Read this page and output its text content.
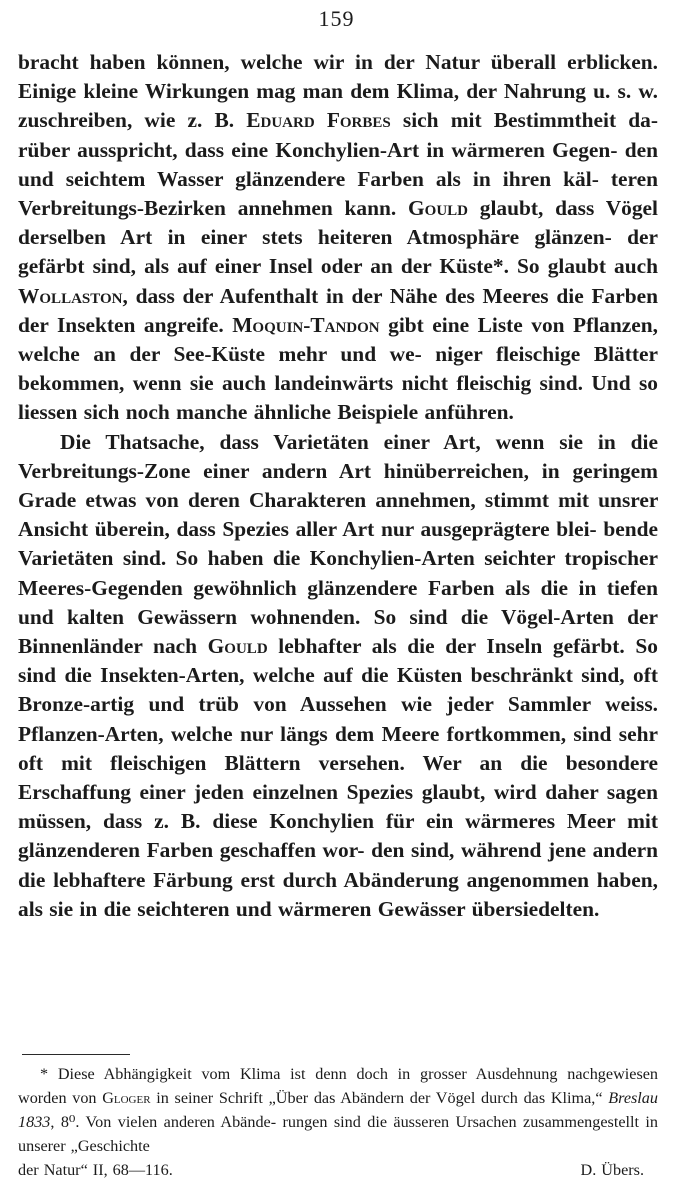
159

bracht haben können, welche wir in der Natur überall erblicken. Einige kleine Wirkungen mag man dem Klima, der Nahrung u. s. w. zuschreiben, wie z. B. Eduard Forbes sich mit Bestimmtheit da- rüber ausspricht, dass eine Konchylien-Art in wärmeren Gegen- den und seichtem Wasser glänzendere Farben als in ihren käl- teren Verbreitungs-Bezirken annehmen kann. Gould glaubt, dass Vögel derselben Art in einer stets heiteren Atmosphäre glänzen- der gefärbt sind, als auf einer Insel oder an der Küste*. So glaubt auch Wollaston, dass der Aufenthalt in der Nähe des Meeres die Farben der Insekten angreife. Moquin-Tandon gibt eine Liste von Pflanzen, welche an der See-Küste mehr und we- niger fleischige Blätter bekommen, wenn sie auch landeinwärts nicht fleischig sind. Und so liessen sich noch manche ähnliche Beispiele anführen.

Die Thatsache, dass Varietäten einer Art, wenn sie in die Verbreitungs-Zone einer andern Art hinüberreichen, in geringem Grade etwas von deren Charakteren annehmen, stimmt mit unsrer Ansicht überein, dass Spezies aller Art nur ausgeprägtere blei- bende Varietäten sind. So haben die Konchylien-Arten seichter tropischer Meeres-Gegenden gewöhnlich glänzendere Farben als die in tiefen und kalten Gewässern wohnenden. So sind die Vögel-Arten der Binnenländer nach Gould lebhafter als die der Inseln gefärbt. So sind die Insekten-Arten, welche auf die Küsten beschränkt sind, oft Bronze-artig und trüb von Aussehen wie jeder Sammler weiss. Pflanzen-Arten, welche nur längs dem Meere fortkommen, sind sehr oft mit fleischigen Blättern versehen. Wer an die besondere Erschaffung einer jeden einzelnen Spezies glaubt, wird daher sagen müssen, dass z. B. diese Konchylien für ein wärmeres Meer mit glänzenderen Farben geschaffen wor- den sind, während jene andern die lebhaftere Färbung erst durch Abänderung angenommen haben, als sie in die seichteren und wärmeren Gewässer übersiedelten.

* Diese Abhängigkeit vom Klima ist denn doch in grosser Ausdehnung nachgewiesen worden von Gloger in seiner Schrift „Über das Abändern der Vögel durch das Klima,“ Breslau 1833, 8⁰. Von vielen anderen Abände- rungen sind die äusseren Ursachen zusammengestellt in unserer „Geschichte
der Natur“ II, 68—116.	D. Übers.
